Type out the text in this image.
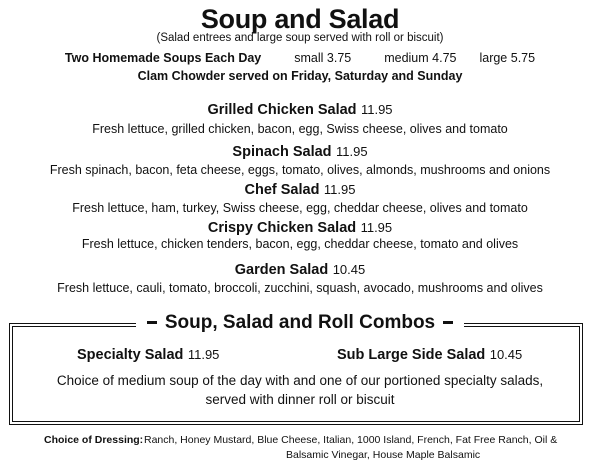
Soup and Salad
(Salad entrees and large soup served with roll or biscuit)
Two Homemade Soups Each Day	small 3.75	medium 4.75 large 5.75
Clam Chowder served on Friday, Saturday and Sunday
Grilled Chicken Salad 11.95
Fresh lettuce, grilled chicken, bacon, egg, Swiss cheese, olives and tomato
Spinach Salad 11.95
Fresh spinach, bacon, feta cheese, eggs, tomato, olives, almonds, mushrooms and onions
Chef Salad 11.95
Fresh lettuce, ham, turkey, Swiss cheese, egg, cheddar cheese, olives and tomato
Crispy Chicken Salad 11.95
Fresh lettuce, chicken tenders, bacon, egg, cheddar cheese, tomato and olives
Garden Salad 10.45
Fresh lettuce, cauli, tomato, broccoli, zucchini, squash, avocado, mushrooms and olives
Soup, Salad and Roll Combos
Specialty Salad 11.95	Sub Large Side Salad 10.45
Choice of medium soup of the day with and one of our portioned specialty salads,
served with dinner roll or biscuit
Choice of Dressing:Ranch, Honey Mustard, Blue Cheese, Italian, 1000 Island, French, Fat Free Ranch, Oil &
Balsamic Vinegar, House Maple Balsamic
